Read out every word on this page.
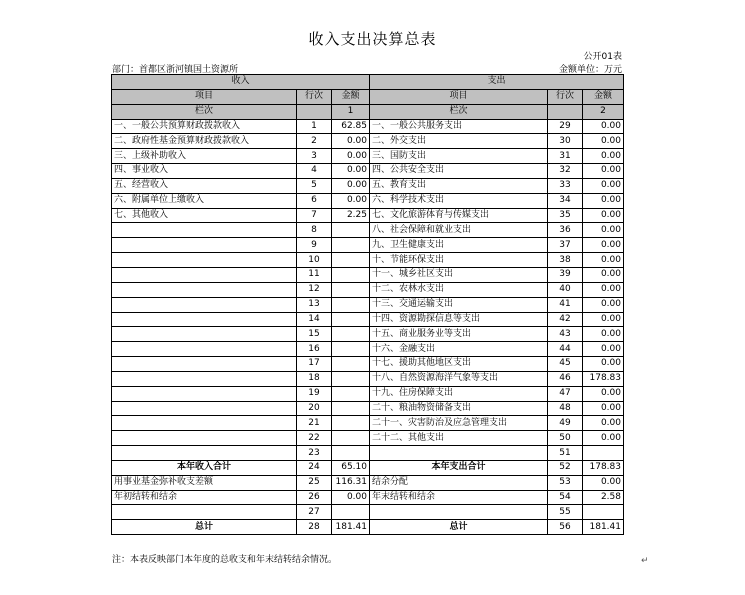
收入支出决算总表
公开01表
部门：首都区浙河镇国土资源所	金额单位：万元
收入			支出		
项目	行次	金额	项目	行次	金额
栏次		1	栏次		2
一、一般公共预算财政拨款收入	1	62.85	一、一般公共服务支出	29	0.00
二、政府性基金预算财政拨款收入	2	0.00	二、外交支出	30	0.00
三、上级补助收入	3	0.00	三、国防支出	31	0.00
四、事业收入	4	0.00	四、公共安全支出	32	0.00
五、经营收入	5	0.00	五、教育支出	33	0.00
六、附属单位上缴收入	6	0.00	六、科学技术支出	34	0.00
七、其他收入	7	2.25	七、文化旅游体育与传媒支出	35	0.00
	8		八、社会保障和就业支出	36	0.00
	9		九、卫生健康支出	37	0.00
	10		十、节能环保支出	38	0.00
	11		十一、城乡社区支出	39	0.00
	12		十二、农林水支出	40	0.00
	13		十三、交通运输支出	41	0.00
	14		十四、资源勘探信息等支出	42	0.00
	15		十五、商业服务业等支出	43	0.00
	16		十六、金融支出	44	0.00
	17		十七、援助其他地区支出	45	0.00
	18		十八、自然资源海洋气象等支出	46	178.83
	19		十九、住房保障支出	47	0.00
	20		二十、粮油物资储备支出	48	0.00
	21		二十一、灾害防治及应急管理支出	49	0.00
	22		二十二、其他支出	50	0.00
	23			51	
本年收入合计	24	65.10	本年支出合计	52	178.83
用事业基金弥补收支差额	25	116.31	结余分配	53	0.00
年初结转和结余	26	0.00	年末结转和结余	54	2.58
	27			55	
总计	28	181.41	总计	56	181.41
注：本表反映部门本年度的总收支和年末结转结余情况。	↵
